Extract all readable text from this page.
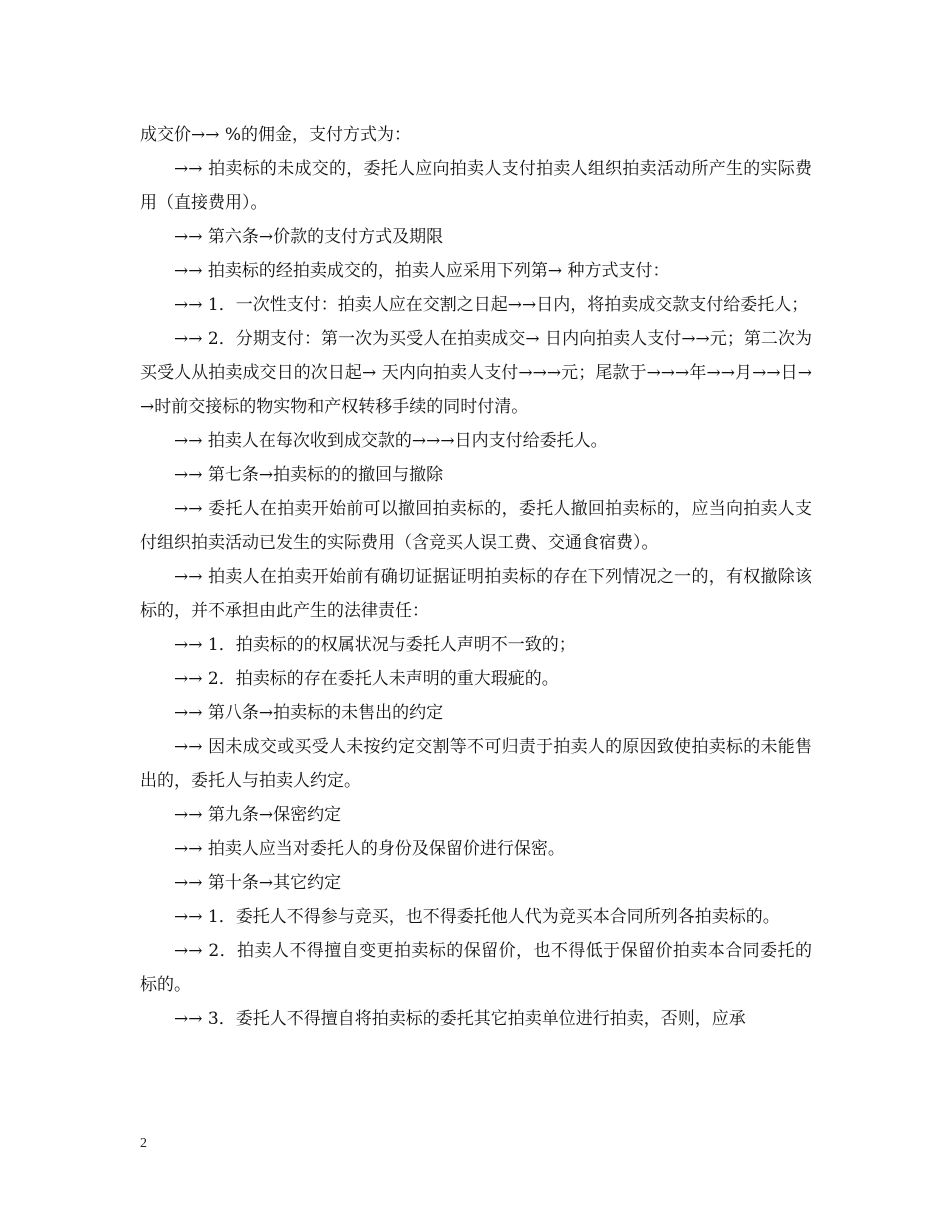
成交价→→ %的佣金，支付方式为：

→→ 拍卖标的未成交的，委托人应向拍卖人支付拍卖人组织拍卖活动所产生的实际费用（直接费用）。

→→ 第六条→价款的支付方式及期限

→→ 拍卖标的经拍卖成交的，拍卖人应采用下列第→ 种方式支付：

→→ 1．一次性支付：拍卖人应在交割之日起→→日内，将拍卖成交款支付给委托人；

→→ 2．分期支付：第一次为买受人在拍卖成交→ 日内向拍卖人支付→→元；第二次为买受人从拍卖成交日的次日起→ 天内向拍卖人支付→→→元；尾款于→→→年→→月→→日→→时前交接标的物实物和产权转移手续的同时付清。

→→ 拍卖人在每次收到成交款的→→→日内支付给委托人。

→→ 第七条→拍卖标的的撤回与撤除

→→ 委托人在拍卖开始前可以撤回拍卖标的，委托人撤回拍卖标的，应当向拍卖人支付组织拍卖活动已发生的实际费用（含竞买人误工费、交通食宿费）。

→→ 拍卖人在拍卖开始前有确切证据证明拍卖标的存在下列情况之一的，有权撤除该标的，并不承担由此产生的法律责任：

→→ 1．拍卖标的的权属状况与委托人声明不一致的；

→→ 2．拍卖标的存在委托人未声明的重大瑕疵的。

→→ 第八条→拍卖标的未售出的约定

→→ 因未成交或买受人未按约定交割等不可归责于拍卖人的原因致使拍卖标的未能售出的，委托人与拍卖人约定。

→→ 第九条→保密约定

→→ 拍卖人应当对委托人的身份及保留价进行保密。

→→ 第十条→其它约定

→→ 1．委托人不得参与竞买，也不得委托他人代为竞买本合同所列各拍卖标的。

→→ 2．拍卖人不得擅自变更拍卖标的保留价，也不得低于保留价拍卖本合同委托的标的。

→→ 3．委托人不得擅自将拍卖标的委托其它拍卖单位进行拍卖，否则，应承

2
